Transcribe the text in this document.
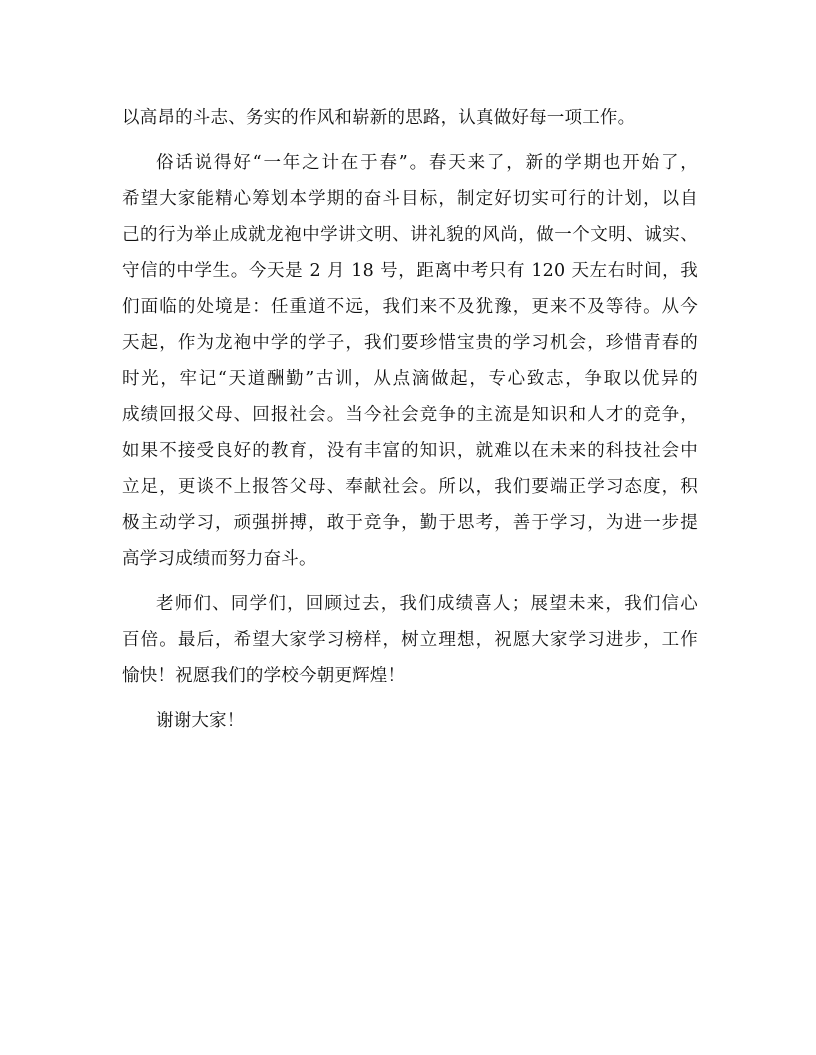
以高昂的斗志、务实的作风和崭新的思路，认真做好每一项工作。
俗话说得好“一年之计在于春”。春天来了，新的学期也开始了，
希望大家能精心筹划本学期的奋斗目标，制定好切实可行的计划，以自
己的行为举止成就龙袍中学讲文明、讲礼貌的风尚，做一个文明、诚实、
守信的中学生。今天是 2 月 18 号，距离中考只有 120 天左右时间，我
们面临的处境是：任重道不远，我们来不及犹豫，更来不及等待。从今
天起，作为龙袍中学的学子，我们要珍惜宝贵的学习机会，珍惜青春的
时光，牢记“天道酬勤”古训，从点滴做起，专心致志，争取以优异的
成绩回报父母、回报社会。当今社会竞争的主流是知识和人才的竞争，
如果不接受良好的教育，没有丰富的知识，就难以在未来的科技社会中
立足，更谈不上报答父母、奉献社会。所以，我们要端正学习态度，积
极主动学习，顽强拼搏，敢于竞争，勤于思考，善于学习，为进一步提
高学习成绩而努力奋斗。
老师们、同学们，回顾过去，我们成绩喜人；展望未来，我们信心
百倍。最后，希望大家学习榜样，树立理想，祝愿大家学习进步，工作
愉快！祝愿我们的学校今朝更辉煌！
谢谢大家！
